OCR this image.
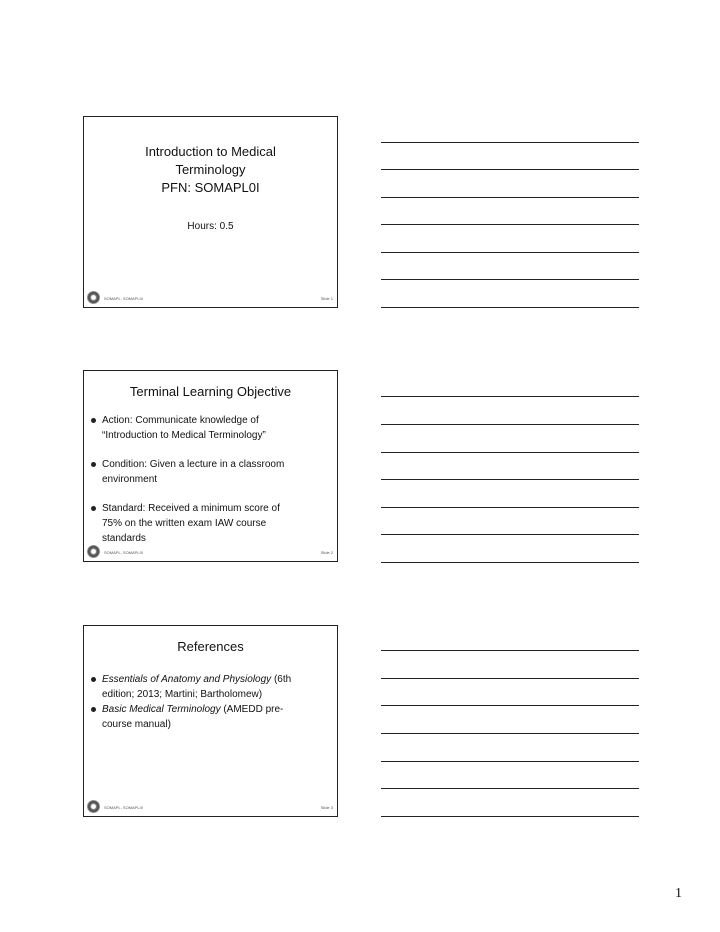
Introduction to Medical
Terminology
PFN: SOMAPL0I
Hours: 0.5
SOMAPL, SOMAPL0I	Slide 1
Terminal Learning Objective
Action: Communicate knowledge of
“Introduction to Medical Terminology”
Condition: Given a lecture in a classroom
environment
Standard: Received a minimum score of
75% on the written exam IAW course
standards
SOMAPL, SOMAPL0I	Slide 2
References
Essentials of Anatomy and Physiology (6th
edition; 2013; Martini; Bartholomew)
Basic Medical Terminology (AMEDD pre-
course manual)
SOMAPL, SOMAPL0I	Slide 3
1
